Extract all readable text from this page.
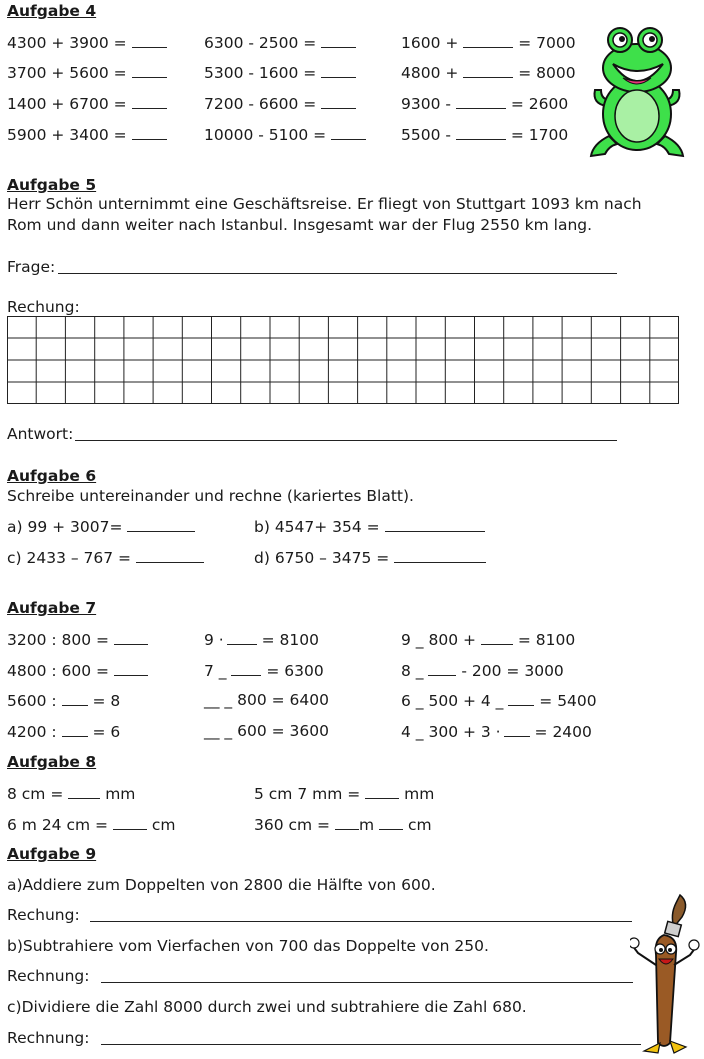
Aufgabe 4
4300 + 3900 =	6300 - 2500 =	1600 +	= 7000
3700 + 5600 =	5300 - 1600 =	4800 +	= 8000
1400 + 6700 =	7200 - 6600 =	9300 -	= 2600
5900 + 3400 =	10000 - 5100 =	5500 -	= 1700
Aufgabe 5
Herr Schön unternimmt eine Geschäftsreise. Er fliegt von Stuttgart 1093 km nach
Rom und dann weiter nach Istanbul. Insgesamt war der Flug 2550 km lang.
Frage:
Rechung:
Antwort:
Aufgabe 6
Schreibe untereinander und rechne (kariertes Blatt).
a) 99 + 3007=	b) 4547+ 354 =
c) 2433 – 767 =	d) 6750 – 3475 =
Aufgabe 7
3200 : 800 =	9 · = 8100	9 _ 800 +  = 8100
4800 : 600 =	7 _  = 6300	8 _  - 200 = 3000
5600 :  = 8	__ _ 800 = 6400	6 _ 500 + 4 _  = 5400
4200 :  = 6	__ _ 600 = 3600	4 _ 300 + 3 · = 2400
Aufgabe 8
8 cm =  mm	5 cm 7 mm =  mm
6 m 24 cm =  cm	360 cm = m  cm
Aufgabe 9
a)Addiere zum Doppelten von 2800 die Hälfte von 600.
Rechung:
b)Subtrahiere vom Vierfachen von 700 das Doppelte von 250.
Rechnung:
c)Dividiere die Zahl 8000 durch zwei und subtrahiere die Zahl 680.
Rechnung:
